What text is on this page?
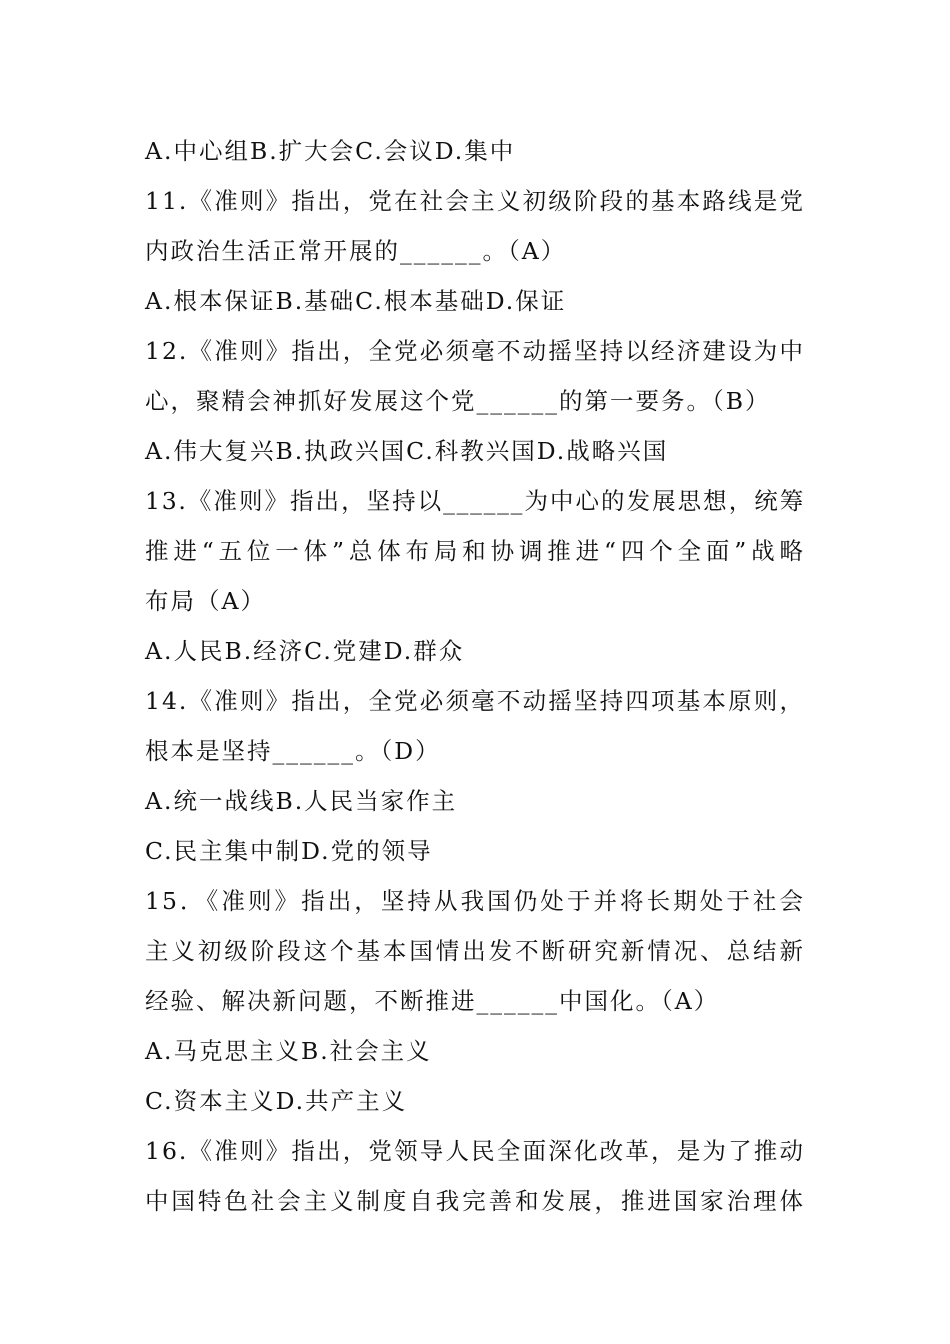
A.中心组B.扩大会C.会议D.集中
11.《准则》指出，党在社会主义初级阶段的基本路线是党
内政治生活正常开展的______。（A）
A.根本保证B.基础C.根本基础D.保证
12.《准则》指出，全党必须毫不动摇坚持以经济建设为中
心，聚精会神抓好发展这个党______的第一要务。（B）
A.伟大复兴B.执政兴国C.科教兴国D.战略兴国
13.《准则》指出，坚持以______为中心的发展思想，统筹
推进“五位一体”总体布局和协调推进“四个全面”战略
布局（A）
A.人民B.经济C.党建D.群众
14.《准则》指出，全党必须毫不动摇坚持四项基本原则，
根本是坚持______。（D）
A.统一战线B.人民当家作主
C.民主集中制D.党的领导
15．《准则》指出，坚持从我国仍处于并将长期处于社会
主义初级阶段这个基本国情出发不断研究新情况、总结新
经验、解决新问题，不断推进______中国化。（A）
A.马克思主义B.社会主义
C.资本主义D.共产主义
16.《准则》指出，党领导人民全面深化改革，是为了推动
中国特色社会主义制度自我完善和发展，推进国家治理体
